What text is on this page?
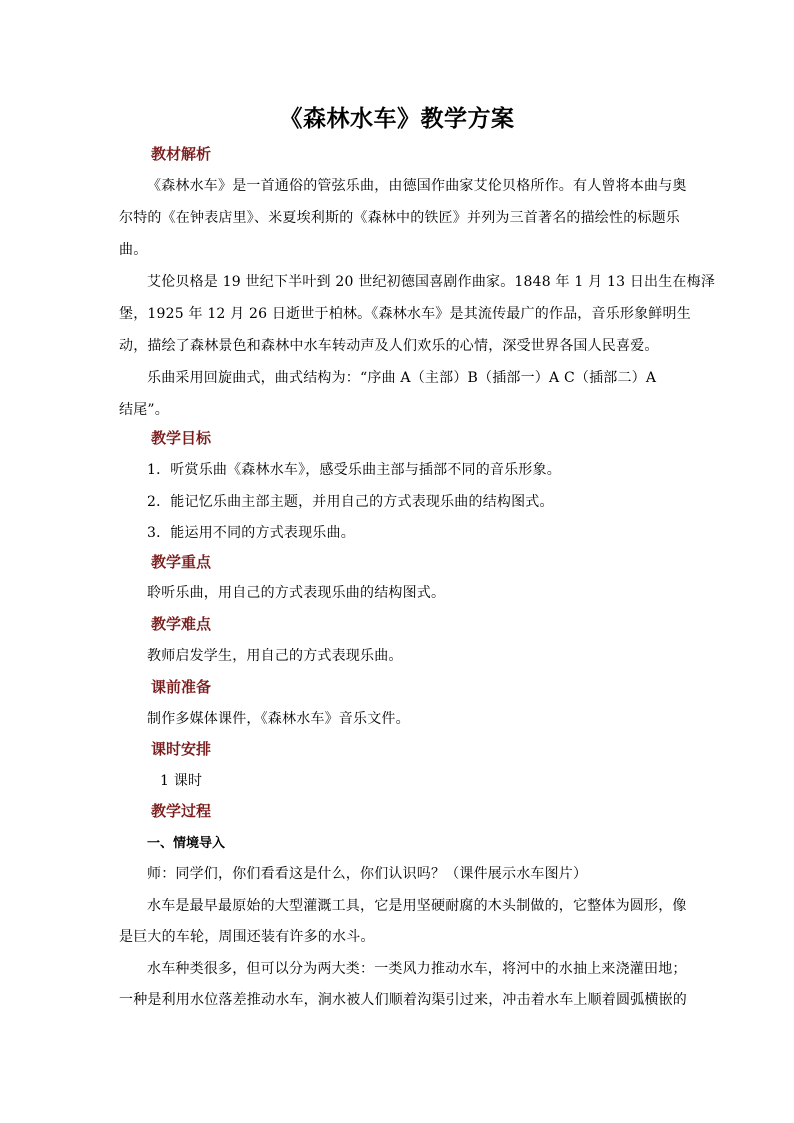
《森林水车》教学方案
教材解析
《森林水车》是一首通俗的管弦乐曲，由德国作曲家艾伦贝格所作。有人曾将本曲与奥
尔特的《在钟表店里》、米夏埃利斯的《森林中的铁匠》并列为三首著名的描绘性的标题乐
曲。
艾伦贝格是 19 世纪下半叶到 20 世纪初德国喜剧作曲家。1848 年 1 月 13 日出生在梅泽
堡，1925 年 12 月 26 日逝世于柏林。《森林水车》是其流传最广的作品，音乐形象鲜明生
动，描绘了森林景色和森林中水车转动声及人们欢乐的心情，深受世界各国人民喜爱。
乐曲采用回旋曲式，曲式结构为：“序曲 A（主部）B（插部一）A C（插部二）A
结尾”。
教学目标
1．听赏乐曲《森林水车》，感受乐曲主部与插部不同的音乐形象。
2．能记忆乐曲主部主题，并用自己的方式表现乐曲的结构图式。
3．能运用不同的方式表现乐曲。
教学重点
聆听乐曲，用自己的方式表现乐曲的结构图式。
教学难点
教师启发学生，用自己的方式表现乐曲。
课前准备
制作多媒体课件，《森林水车》音乐文件。
课时安排
1 课时
教学过程
一、情境导入
师：同学们，你们看看这是什么，你们认识吗？（课件展示水车图片）
水车是最早最原始的大型灌溉工具，它是用坚硬耐腐的木头制做的，它整体为圆形，像
是巨大的车轮，周围还装有许多的水斗。
水车种类很多，但可以分为两大类：一类风力推动水车，将河中的水抽上来浇灌田地；
一种是利用水位落差推动水车，涧水被人们顺着沟渠引过来，冲击着水车上顺着圆弧横嵌的
